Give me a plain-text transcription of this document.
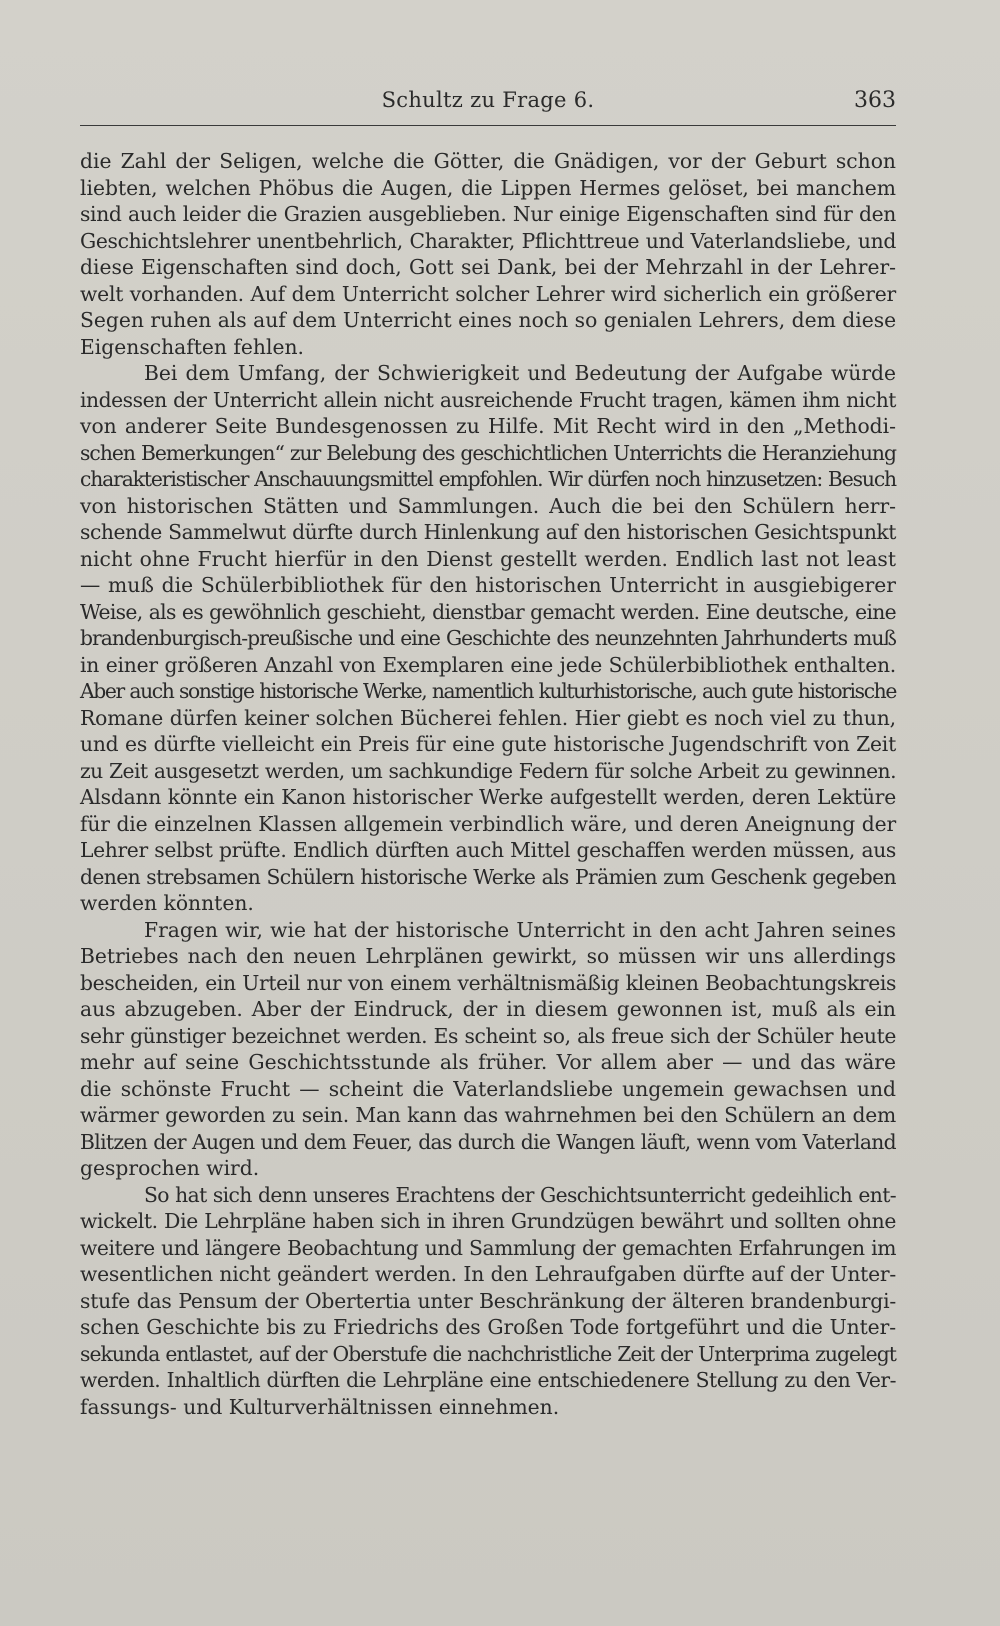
Schultz zu Frage 6.	363
die Zahl der Seligen, welche die Götter, die Gnädigen, vor der Geburt schon
liebten, welchen Phöbus die Augen, die Lippen Hermes gelöset, bei manchem
sind auch leider die Grazien ausgeblieben. Nur einige Eigenschaften sind für den
Geschichtslehrer unentbehrlich, Charakter, Pflichttreue und Vaterlandsliebe, und
diese Eigenschaften sind doch, Gott sei Dank, bei der Mehrzahl in der Lehrer-
welt vorhanden. Auf dem Unterricht solcher Lehrer wird sicherlich ein größerer
Segen ruhen als auf dem Unterricht eines noch so genialen Lehrers, dem diese
Eigenschaften fehlen.
Bei dem Umfang, der Schwierigkeit und Bedeutung der Aufgabe würde
indessen der Unterricht allein nicht ausreichende Frucht tragen, kämen ihm nicht
von anderer Seite Bundesgenossen zu Hilfe. Mit Recht wird in den „Methodi-
schen Bemerkungen“ zur Belebung des geschichtlichen Unterrichts die Heranziehung
charakteristischer Anschauungsmittel empfohlen. Wir dürfen noch hinzusetzen: Besuch
von historischen Stätten und Sammlungen. Auch die bei den Schülern herr-
schende Sammelwut dürfte durch Hinlenkung auf den historischen Gesichtspunkt
nicht ohne Frucht hierfür in den Dienst gestellt werden. Endlich last not least
— muß die Schülerbibliothek für den historischen Unterricht in ausgiebigerer
Weise, als es gewöhnlich geschieht, dienstbar gemacht werden. Eine deutsche, eine
brandenburgisch-preußische und eine Geschichte des neunzehnten Jahrhunderts muß
in einer größeren Anzahl von Exemplaren eine jede Schülerbibliothek enthalten.
Aber auch sonstige historische Werke, namentlich kulturhistorische, auch gute historische
Romane dürfen keiner solchen Bücherei fehlen. Hier giebt es noch viel zu thun,
und es dürfte vielleicht ein Preis für eine gute historische Jugendschrift von Zeit
zu Zeit ausgesetzt werden, um sachkundige Federn für solche Arbeit zu gewinnen.
Alsdann könnte ein Kanon historischer Werke aufgestellt werden, deren Lektüre
für die einzelnen Klassen allgemein verbindlich wäre, und deren Aneignung der
Lehrer selbst prüfte. Endlich dürften auch Mittel geschaffen werden müssen, aus
denen strebsamen Schülern historische Werke als Prämien zum Geschenk gegeben
werden könnten.
Fragen wir, wie hat der historische Unterricht in den acht Jahren seines
Betriebes nach den neuen Lehrplänen gewirkt, so müssen wir uns allerdings
bescheiden, ein Urteil nur von einem verhältnismäßig kleinen Beobachtungskreis
aus abzugeben. Aber der Eindruck, der in diesem gewonnen ist, muß als ein
sehr günstiger bezeichnet werden. Es scheint so, als freue sich der Schüler heute
mehr auf seine Geschichtsstunde als früher. Vor allem aber — und das wäre
die schönste Frucht — scheint die Vaterlandsliebe ungemein gewachsen und
wärmer geworden zu sein. Man kann das wahrnehmen bei den Schülern an dem
Blitzen der Augen und dem Feuer, das durch die Wangen läuft, wenn vom Vaterland
gesprochen wird.
So hat sich denn unseres Erachtens der Geschichtsunterricht gedeihlich ent-
wickelt. Die Lehrpläne haben sich in ihren Grundzügen bewährt und sollten ohne
weitere und längere Beobachtung und Sammlung der gemachten Erfahrungen im
wesentlichen nicht geändert werden. In den Lehraufgaben dürfte auf der Unter-
stufe das Pensum der Obertertia unter Beschränkung der älteren brandenburgi-
schen Geschichte bis zu Friedrichs des Großen Tode fortgeführt und die Unter-
sekunda entlastet, auf der Oberstufe die nachchristliche Zeit der Unterprima zugelegt
werden. Inhaltlich dürften die Lehrpläne eine entschiedenere Stellung zu den Ver-
fassungs- und Kulturverhältnissen einnehmen.
